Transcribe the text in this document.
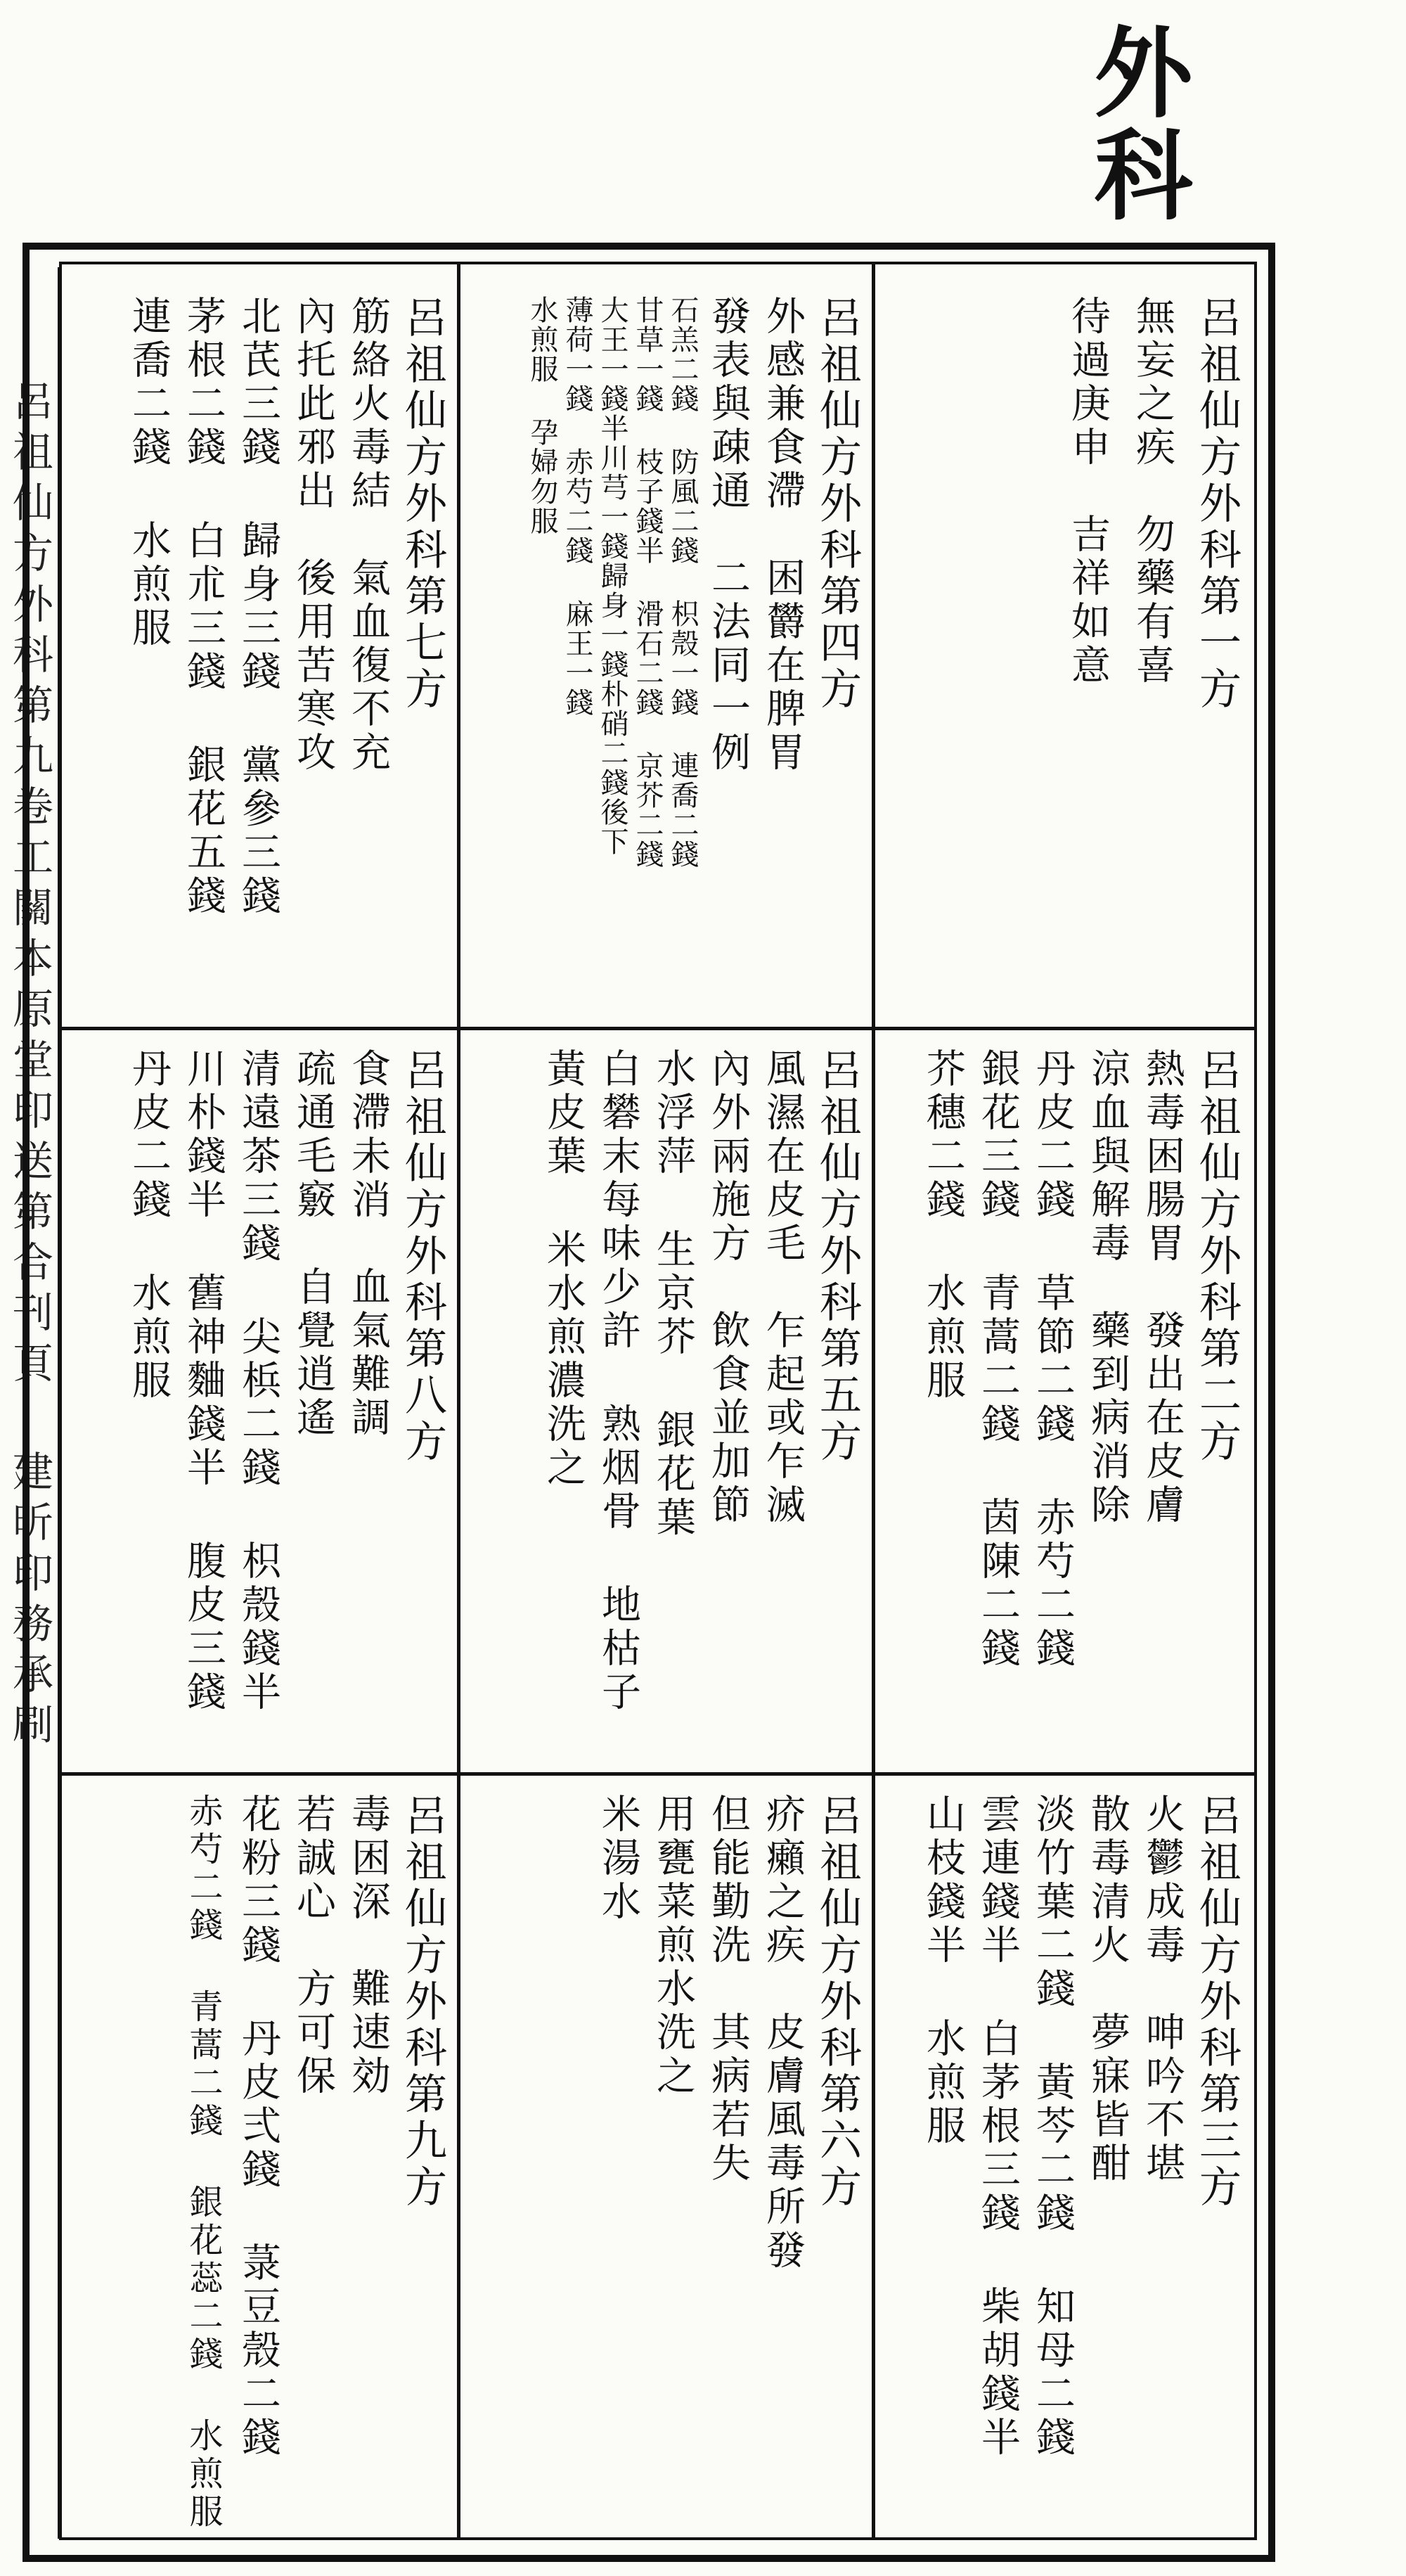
外科
呂祖仙方外科第九卷工關本原堂印送第合刊頁 建昕印務承刷	呂祖仙方外科第一方
無妄之疾　勿藥有喜
待過庚申　吉祥如意
呂祖仙方外科第四方
外感兼食滯　困欝在脾胃
發表與疎通　二法同一例
石羔二錢 防風二錢 枳殼一錢 連喬二錢
甘草一錢 枝子錢半 滑石二錢 京芥二錢
大王一錢半川芎一錢歸身一錢朴硝二錢後下
薄荷一錢 赤芍二錢 麻王一錢
水煎服 孕婦勿服
呂祖仙方外科第七方
筋絡火毒結　氣血復不充
內托此邪出　後用苦寒攻
北芪三錢 歸身三錢 黨參三錢
茅根二錢 白朮三錢 銀花五錢
連喬二錢 水煎服
呂祖仙方外科第二方
熱毒困腸胃　發出在皮膚
涼血與解毒　藥到病消除
丹皮二錢 草節二錢 赤芍二錢
銀花三錢 青蒿二錢 茵陳二錢
芥穗二錢 水煎服
呂祖仙方外科第五方
風濕在皮毛　乍起或乍滅
內外兩施方　飲食並加節
水浮萍 生京芥 銀花葉
白礬末每味少許 熟烟骨 地枯子
黃皮葉 米水煎濃洗之
呂祖仙方外科第八方
食滯未消　血氣難調
疏通毛竅　自覺逍遙
清遠茶三錢 尖梹二錢 枳殼錢半
川朴錢半 舊神麯錢半 腹皮三錢
丹皮二錢 水煎服
呂祖仙方外科第三方
火鬱成毒　呻吟不堪
散毒清火　夢寐皆酣
淡竹葉二錢 黃芩二錢 知母二錢
雲連錢半 白茅根三錢 柴胡錢半
山枝錢半 水煎服
呂祖仙方外科第六方
疥癩之疾　皮膚風毒所發
但能勤洗　其病若失
用甕菜煎水洗之
米湯水
呂祖仙方外科第九方
毒困深　難速効
若誠心　方可保
花粉三錢 丹皮弍錢 菉豆殼二錢
赤芍二錢 青蒿二錢 銀花蕊二錢 水煎服
